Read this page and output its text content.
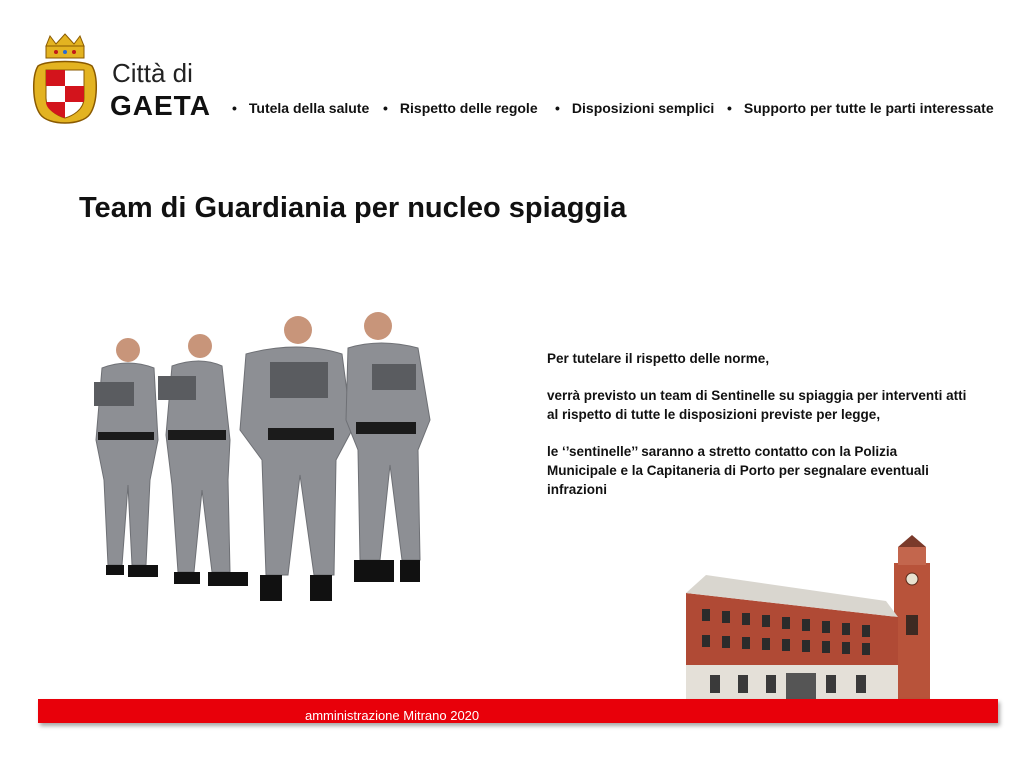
Città di
GAETA • Tutela della salute • Rispetto delle regole • Disposizioni semplici • Supporto per tutte le parti interessate
Team di Guardiania per nucleo spiaggia

Per tutelare il rispetto delle norme,

verrà previsto un team di Sentinelle su spiaggia per interventi atti al rispetto di tutte le disposizioni previste per legge,

le ‘’sentinelle’’ saranno a stretto contatto con la Polizia Municipale e la Capitaneria di Porto per segnalare eventuali infrazioni

amministrazione Mitrano 2020
